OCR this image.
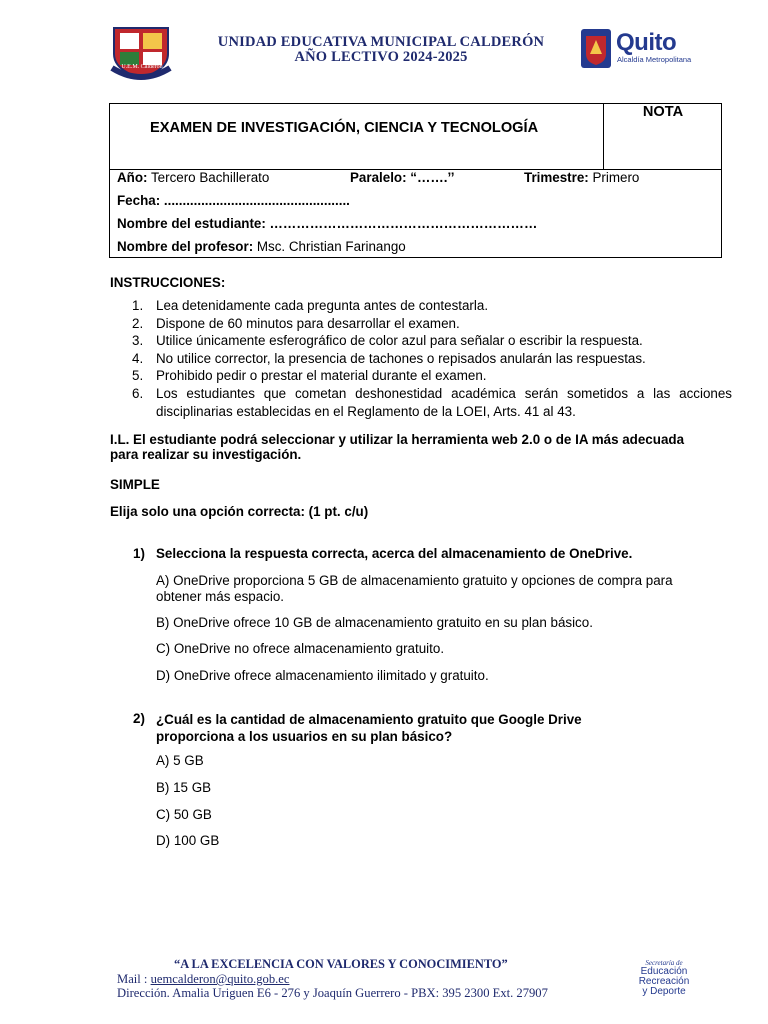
U.E.M. Calderón
UNIDAD EDUCATIVA MUNICIPAL CALDERÓN
AÑO LECTIVO 2024-2025
Quito
Alcaldía Metropolitana
EXAMEN DE INVESTIGACIÓN, CIENCIA Y TECNOLOGÍA
NOTA
Año: Tercero Bachillerato	Paralelo: “…….’’	Trimestre: Primero
Fecha: ..................................................
Nombre del estudiante: ……………………………………………………
Nombre del profesor: Msc. Christian Farinango
INSTRUCCIONES:
1. Lea detenidamente cada pregunta antes de contestarla.
2. Dispone de 60 minutos para desarrollar el examen.
3. Utilice únicamente esferográfico de color azul para señalar o escribir la respuesta.
4. No utilice corrector, la presencia de tachones o repisados anularán las respuestas.
5. Prohibido pedir o prestar el material durante el examen.
6. Los estudiantes que cometan deshonestidad académica serán sometidos a las acciones disciplinarias establecidas en el Reglamento de la LOEI, Arts. 41 al 43.
I.L. El estudiante podrá seleccionar y utilizar la herramienta web 2.0 o de IA más adecuada para realizar su investigación.
SIMPLE
Elija solo una opción correcta: (1 pt. c/u)
1) Selecciona la respuesta correcta, acerca del almacenamiento de OneDrive.
A) OneDrive proporciona 5 GB de almacenamiento gratuito y opciones de compra para obtener más espacio.
B) OneDrive ofrece 10 GB de almacenamiento gratuito en su plan básico.
C) OneDrive no ofrece almacenamiento gratuito.
D) OneDrive ofrece almacenamiento ilimitado y gratuito.
2) ¿Cuál es la cantidad de almacenamiento gratuito que Google Drive proporciona a los usuarios en su plan básico?
A) 5 GB
B) 15 GB
C) 50 GB
D) 100 GB
“A LA EXCELENCIA CON VALORES Y CONOCIMIENTO”
Mail : uemcalderon@quito.gob.ec
Dirección. Amalia Uriguen E6 - 276 y Joaquín Guerrero - PBX: 395 2300 Ext. 27907
Secretaría de
Educación
Recreación
y Deporte
